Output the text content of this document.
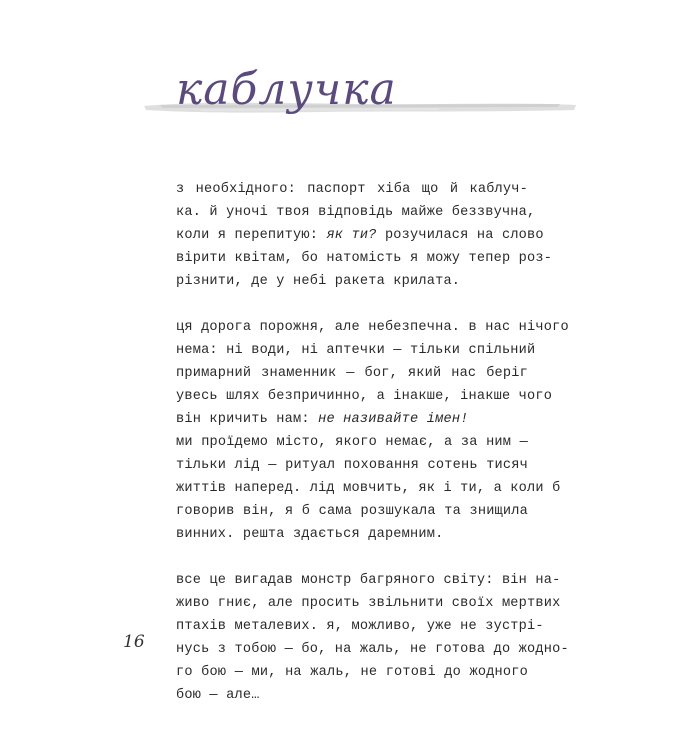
каблучка
з необхідного: паспорт хіба що й каблуч-
ка. й уночі твоя відповідь майже беззвучна,
коли я перепитую: як ти? розучилася на слово
вірити квітам, бо натомість я можу тепер роз-
різнити, де у небі ракета крилата.
ця дорога порожня, але небезпечна. в нас нічого
нема: ні води, ні аптечки — тільки спільний
примарний знаменник — бог, який нас беріг
увесь шлях безпричинно, а інакше, інакше чого
він кричить нам: не називайте імен!
ми проїдемо місто, якого немає, а за ним —
тільки лід — ритуал поховання сотень тисяч
життів наперед. лід мовчить, як і ти, а коли б
говорив він, я б сама розшукала та знищила
винних. решта здається даремним.
все це вигадав монстр багряного світу: він на-
живо гниє, але просить звільнити своїх мертвих
птахів металевих. я, можливо, уже не зустрі-
нусь з тобою — бо, на жаль, не готова до жодно-
го бою — ми, на жаль, не готові до жодного
бою — але…
16
